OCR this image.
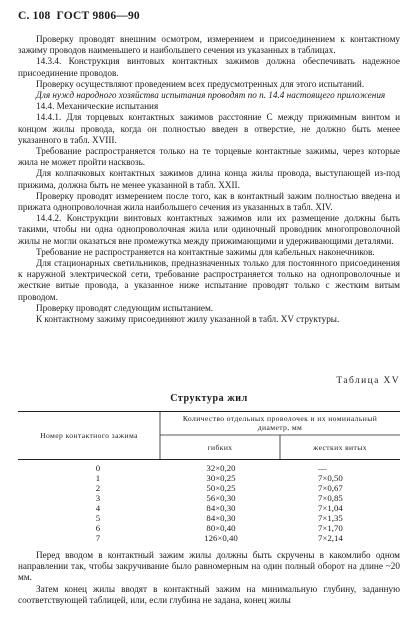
С. 108 ГОСТ 9806—90

Проверку проводят внешним осмотром, измерением и присоединением к контактному зажиму проводов наименьшего и наибольшего сечения из указанных в таблицах.

14.3.4. Конструкция винтовых контактных зажимов должна обеспечивать надежное присоединение проводов.

Проверку осуществляют проведением всех предусмотренных для этого испытаний.

Для нужд народного хозяйства испытания проводят по п. 14.4 настоящего приложения

14.4. Механические испытания

14.4.1. Для торцевых контактных зажимов расстояние С между прижимным винтом и концом жилы провода, когда он полностью введен в отверстие, не должно быть менее указанного в табл. XVIII.

Требование распространяется только на те торцевые контактные зажимы, через которые жила не может пройти насквозь.

Для колпачковых контактных зажимов длина конца жилы провода, выступающей из-под прижима, должна быть не менее указанной в табл. XXII.

Проверку проводят измерением после того, как в контактный зажим полностью введена и прижата однопроволочная жила наибольшего сечения из указанных в табл. XIV.

14.4.2. Конструкции винтовых контактных зажимов или их размещение должны быть такими, чтобы ни одна однопроволочная жила или одиночный проводник многопроволочной жилы не могли оказаться вне промежутка между прижимающими и удерживающими деталями.

Требование не распространяется на контактные зажимы для кабельных наконечников.

Для стационарных светильников, предназначенных только для постоянного присоединения к наружной электрической сети, требование распространяется только на однопроволочные и жесткие витые провода, а указанное ниже испытание проводят только с жестким витым проводом.

Проверку проводят следующим испытанием.

К контактному зажиму присоединяют жилу указанной в табл. XV структуры.

Таблица XV
Структура жил
Номер контактного зажима
Количество отдельных проволочек и их номинальный диаметр, мм
гибких	жестких витых
0	32×0,20	—
1	30×0,25	7×0,50
2	50×0,25	7×0,67
3	56×0,30	7×0,85
4	84×0,30	7×1,04
5	84×0,30	7×1,35
6	80×0,40	7×1,70
7	126×0,40	7×2,14

Перед вводом в контактный зажим жилы должны быть скручены в какомлибо одном направлении так, чтобы закручивание было равномерным на один полный оборот на длине ~20 мм.

Затем конец жилы вводят в контактный зажим на минимальную глубину, заданную соответствующей таблицей, или, если глубина не задана, конец жилы
